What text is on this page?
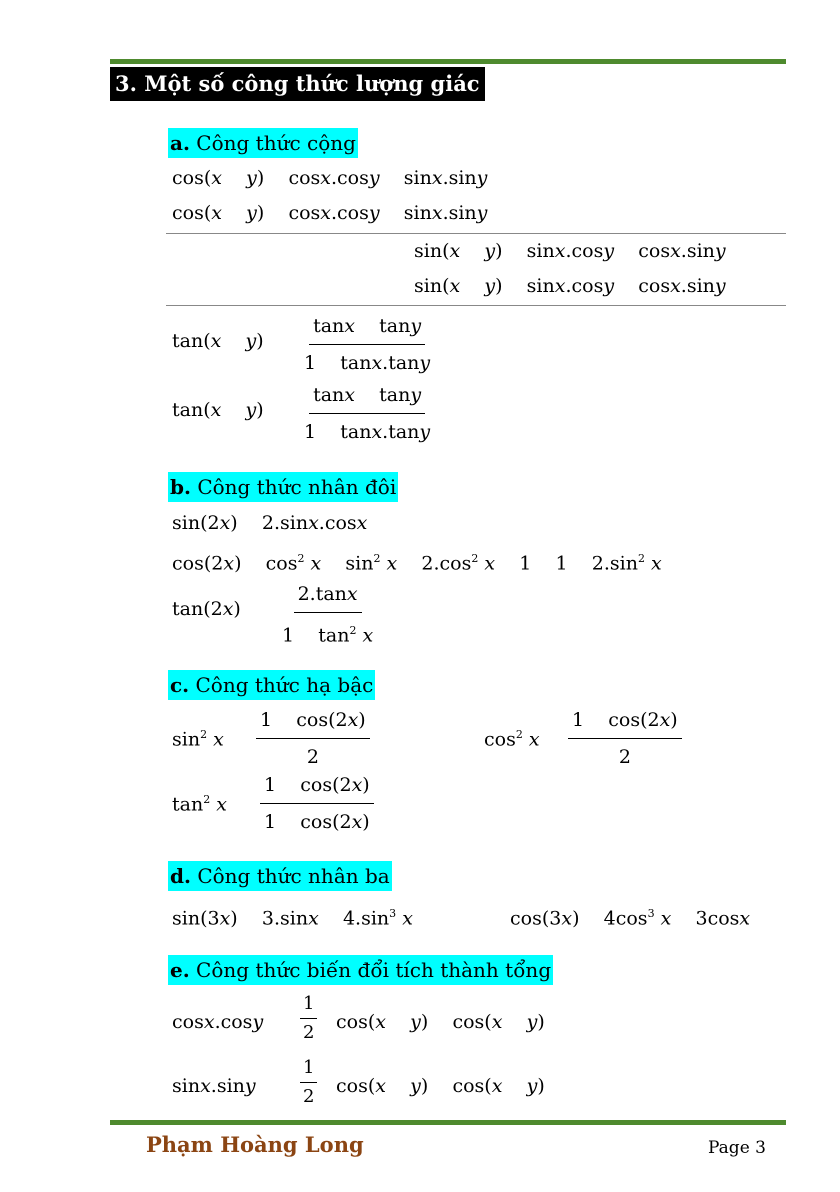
3. Một số công thức lượng giác
a. Công thức cộng
cos(x y)    cosx.cosy    sinx.siny
cos(x y)    cosx.cosy    sinx.siny
sin(x y)    sinx.cosy    cosx.siny
sin(x y)    sinx.cosy    cosx.siny
tan(x $y) \frac{\text{tanx    tany}}{1 \tan x.\tan y}$
tan(x $y) \frac{\text{tanx    tany}}{1 \tan x.\tan y}$
b. Công thức nhân đôi
sin(2x)    2.sinx.cosx
cos(2x)    $\cos^2 x$    $\sin^2 x$    $2.\cos^2$ x    1    1    $2.\sin^2$ x
$\tan(2x) \frac{2.\tan x}{1 \tan^2 x}$
c. Công thức hạ bậc
$\sin^2 x \frac{1 \cos(2x)}{2}$	$\cos^2 x \frac{1 \cos(2x)}{2}$
$\tan^2 x \frac{1 \cos(2x)}{1 \cos(2x)}$
d. Công thức nhân ba
sin(3x)    3.sinx    $4.\sin^3$ x	cos(3x)    $4\cos^3$ x    3cosx
e. Công thức biến đổi tích thành tổng
$\cos x.\cos y \frac{1}{2} \cos(x$ y)    cos(x y)
$\sin x.\sin y \frac{1}{2} \cos(x$ y)    cos(x y)
Phạm Hoàng Long	Page 3
